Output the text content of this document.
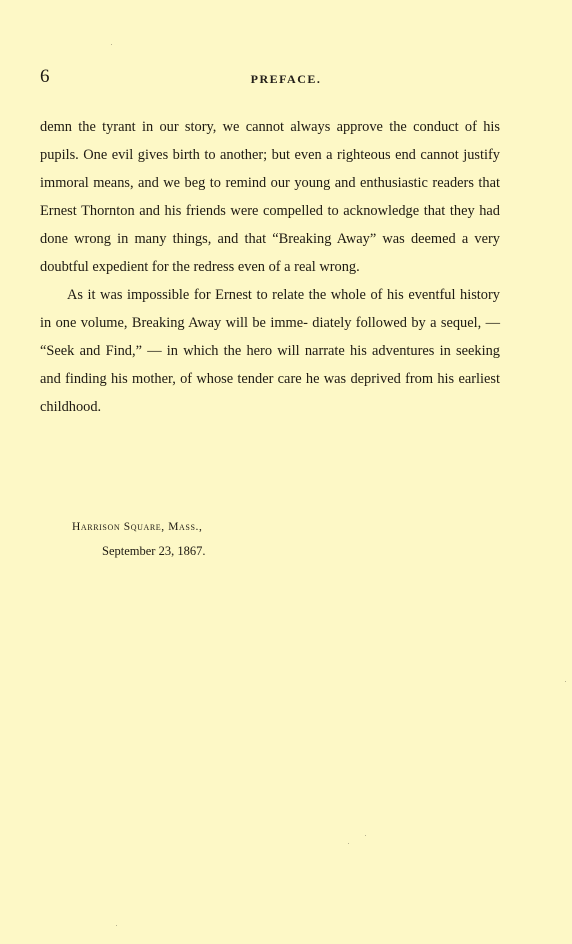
6	PREFACE.

demn the tyrant in our story, we cannot always approve the conduct of his pupils. One evil gives birth to another; but even a righteous end cannot justify immoral means, and we beg to remind our young and enthusiastic readers that Ernest Thornton and his friends were compelled to acknowledge that they had done wrong in many things, and that “Breaking Away” was deemed a very doubtful expedient for the redress even of a real wrong.

As it was impossible for Ernest to relate the whole of his eventful history in one volume, Breaking Away will be imme- diately followed by a sequel, — “Seek and Find,” — in which the hero will narrate his adventures in seeking and finding his mother, of whose tender care he was deprived from his earliest childhood.

Harrison Square, Mass.,
September 23, 1867.
